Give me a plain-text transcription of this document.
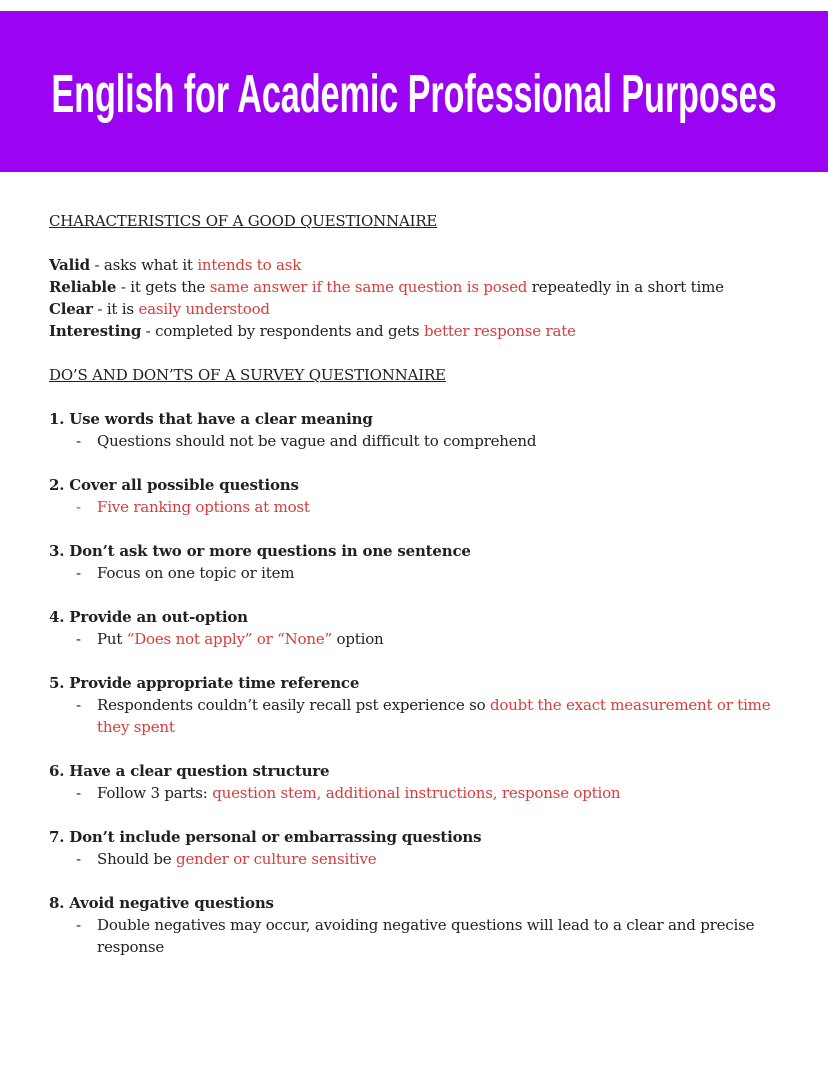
English for Academic Professional Purposes
CHARACTERISTICS OF A GOOD QUESTIONNAIRE
Valid - asks what it intends to ask
Reliable - it gets the same answer if the same question is posed repeatedly in a short time
Clear - it is easily understood
Interesting - completed by respondents and gets better response rate
DO’S AND DON’TS OF A SURVEY QUESTIONNAIRE
1. Use words that have a clear meaning
-	Questions should not be vague and difficult to comprehend
2. Cover all possible questions
-	Five ranking options at most
3. Don’t ask two or more questions in one sentence
-	Focus on one topic or item
4. Provide an out-option
-	Put “Does not apply” or “None” option
5. Provide appropriate time reference
-	Respondents couldn’t easily recall pst experience so doubt the exact measurement or time they spent
6. Have a clear question structure
-	Follow 3 parts: question stem, additional instructions, response option
7. Don’t include personal or embarrassing questions
-	Should be gender or culture sensitive
8. Avoid negative questions
-	Double negatives may occur, avoiding negative questions will lead to a clear and precise response
